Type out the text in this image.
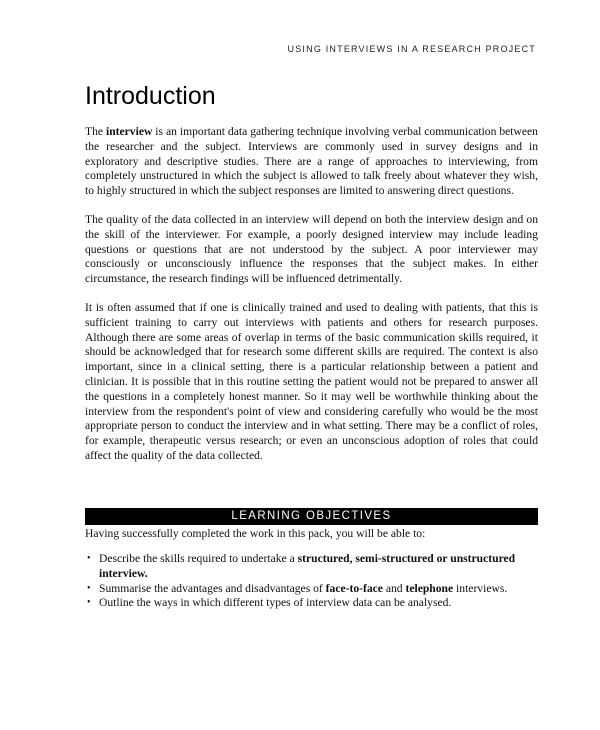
USING INTERVIEWS IN A RESEARCH PROJECT
Introduction

The interview is an important data gathering technique involving verbal communication between the researcher and the subject. Interviews are commonly used in survey designs and in exploratory and descriptive studies. There are a range of approaches to interviewing, from completely unstructured in which the subject is allowed to talk freely about whatever they wish, to highly structured in which the subject responses are limited to answering direct questions.

The quality of the data collected in an interview will depend on both the interview design and on the skill of the interviewer. For example, a poorly designed interview may include leading questions or questions that are not understood by the subject. A poor interviewer may consciously or unconsciously influence the responses that the subject makes. In either circumstance, the research findings will be influenced detrimentally.

It is often assumed that if one is clinically trained and used to dealing with patients, that this is sufficient training to carry out interviews with patients and others for research purposes. Although there are some areas of overlap in terms of the basic communication skills required, it should be acknowledged that for research some different skills are required. The context is also important, since in a clinical setting, there is a particular relationship between a patient and clinician. It is possible that in this routine setting the patient would not be prepared to answer all the questions in a completely honest manner. So it may well be worthwhile thinking about the interview from the respondent's point of view and considering carefully who would be the most appropriate person to conduct the interview and in what setting. There may be a conflict of roles, for example, therapeutic versus research; or even an unconscious adoption of roles that could affect the quality of the data collected.

LEARNING OBJECTIVES
Having successfully completed the work in this pack, you will be able to:
• Describe the skills required to undertake a structured, semi-structured or unstructured interview.
• Summarise the advantages and disadvantages of face-to-face and telephone interviews.
• Outline the ways in which different types of interview data can be analysed.
